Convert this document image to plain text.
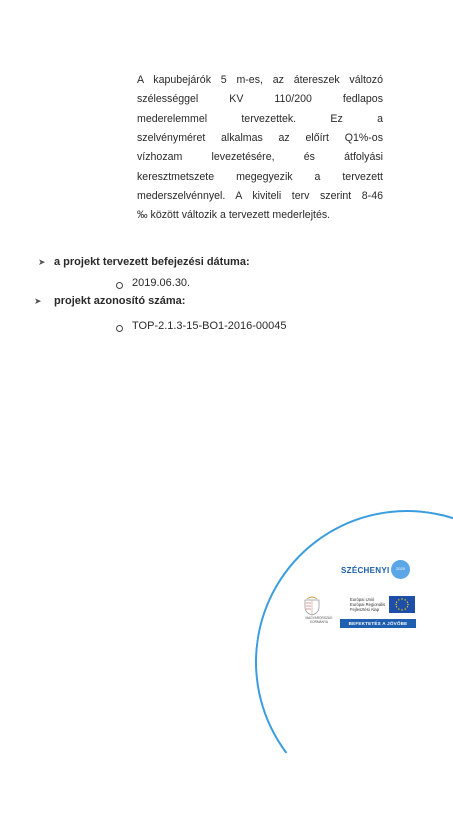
A kapubejárók 5 m-es, az átereszek változó
szélességgel KV 110/200 fedlapos
mederelemmel tervezettek. Ez a
szelvényméret alkalmas az előírt Q1%-os
vízhozam levezetésére, és átfolyási
keresztmetszete megegyezik a tervezett
mederszelvénnyel. A kiviteli terv szerint 8-46
‰ között változik a tervezett mederlejtés.
➤ a projekt tervezett befejezési dátuma:
2019.06.30.
➤ projekt azonosító száma:
TOP-2.1.3-15-BO1-2016-00045
SZÉCHENYI	2020
MAGYARORSZÁG
KORMÁNYA
Európai Unió
Európai Regionális
Fejlesztési Alap
BEFEKTETÉS A JÖVŐBE
